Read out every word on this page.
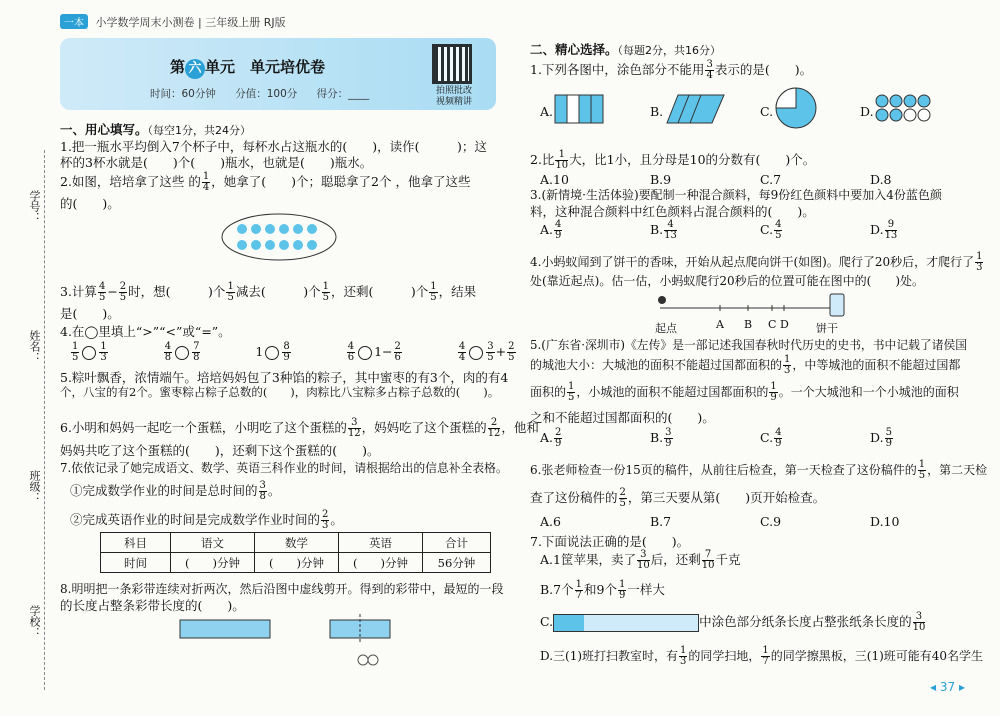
一本 小学数学周末小测卷 | 三年级上册 RJ版
第 六 单元　单元培优卷
时间：60分钟 分值：100分 得分：____	拍照批改 视频精讲
学号：
姓名：
班级：
学校：
一、用心填写。（每空1分，共24分）
1.把一瓶水平均倒入7个杯子中，每杯水占这瓶水的(　　)，读作(　　　)；这
杯的3杯水就是(　　)个(　　)瓶水，也就是(　　)瓶水。
2.如图，培培拿了这些 的 $\frac{1}{4}$ ，她拿了(　　)个；聪聪拿了2个 ，他拿了这些
的(　　)。
3.计算 $\frac{4}{5} - \frac{2}{5}$ 时，想(　　　)个 $\frac{1}{5}$ 减去(　　　)个 $\frac{1}{5}$ ，还剩(　　　)个 $\frac{1}{5}$ ，结果
是(　　)。
4.在◯里填上“>”“<”或“=”。
$\frac{1}{5} \frac{1}{3}$
	$\frac{4}{8} \frac{7}{8}$	$1 \frac{8}{9}$
	$\frac{4}{6} 1- \frac{2}{6}$
	$\frac{4}{4} \frac{3}{5} + \frac{2}{5}$
5.粽叶飘香，浓情端午。培培妈妈包了3种馅的粽子，其中蜜枣的有3个，肉的有4
个，八宝的有2个。蜜枣粽占粽子总数的(　　)，肉粽比八宝粽多占粽子总数的(　　)。
6.小明和妈妈一起吃一个蛋糕，小明吃了这个蛋糕的 $\frac{3}{12}$ ，妈妈吃了这个蛋糕的 $\frac{2}{12}$ ，他和
妈妈共吃了这个蛋糕的(　　)，还剩下这个蛋糕的(　　)。
7.依依记录了她完成语文、数学、英语三科作业的时间，请根据给出的信息补全表格。
①完成数学作业的时间是总时间的 $\frac{3}{8}$ 。
②完成英语作业的时间是完成数学作业时间的 $\frac{2}{3}$ 。
科目	语文	数学	英语	合计
时间	(　　)分钟	(　　)分钟	(　　)分钟	56分钟
8.明明把一条彩带连续对折两次，然后沿图中虚线剪开。得到的彩带中，最短的一段
的长度占整条彩带长度的(　　)。
二、精心选择。（每题2分，共16分）
1.下列各图中，涂色部分不能用 $\frac{3}{4}$ 表示的是(　　)。
A.	B.	C.	D.
2.比 $\frac{1}{10}$ 大，比1小，且分母是10的分数有(　　)个。
A.10	B.9	C.7	D.8
3.(新情境·生活体验)要配制一种混合颜料，每9份红色颜料中要加入4份蓝色颜
料，这种混合颜料中红色颜料占混合颜料的(　　)。
A. $\frac{4}{9}$	B. $\frac{4}{13}$	C. $\frac{4}{5}$	D. $\frac{9}{13}$
4.小蚂蚁闻到了饼干的香味，开始从起点爬向饼干(如图)。爬行了20秒后，才爬行了 $\frac{1}{3}$
处(靠近起点)。估一估，小蚂蚁爬行20秒后的位置可能在图中的(　　)处。
起点	饼干
A B C D
5.(广东省·深圳市)《左传》是一部记述我国春秋时代历史的史书，书中记载了诸侯国
的城池大小：大城池的面积不能超过国都面积的 $\frac{1}{3}$ ，中等城池的面积不能超过国都
面积的 $\frac{1}{5}$ ，小城池的面积不能超过国都面积的 $\frac{1}{9}$ 。一个大城池和一个小城池的面积
之和不能超过国都面积的(　　)。
A. $\frac{2}{9}$	B. $\frac{3}{9}$	C. $\frac{4}{9}$	D. $\frac{5}{9}$
6.张老师检查一份15页的稿件，从前往后检查，第一天检查了这份稿件的 $\frac{1}{5}$ ，第二天检
查了这份稿件的 $\frac{2}{5}$ ，第三天要从第(　　)页开始检查。
A.6	B.7	C.9	D.10
7.下面说法正确的是(　　)。
A.1筐苹果，卖了 $\frac{3}{10}$ 后，还剩 $\frac{7}{10}$ 千克
B.7个 $\frac{1}{7}$ 和9个 $\frac{1}{9}$ 一样大
C.	中涂色部分纸条长度占整张纸条长度的 $\frac{3}{10}$
D.三(1)班打扫教室时，有 $\frac{1}{3}$ 的同学扫地， $\frac{1}{7}$ 的同学擦黑板，三(1)班可能有40名学生
◂ 37 ▸
